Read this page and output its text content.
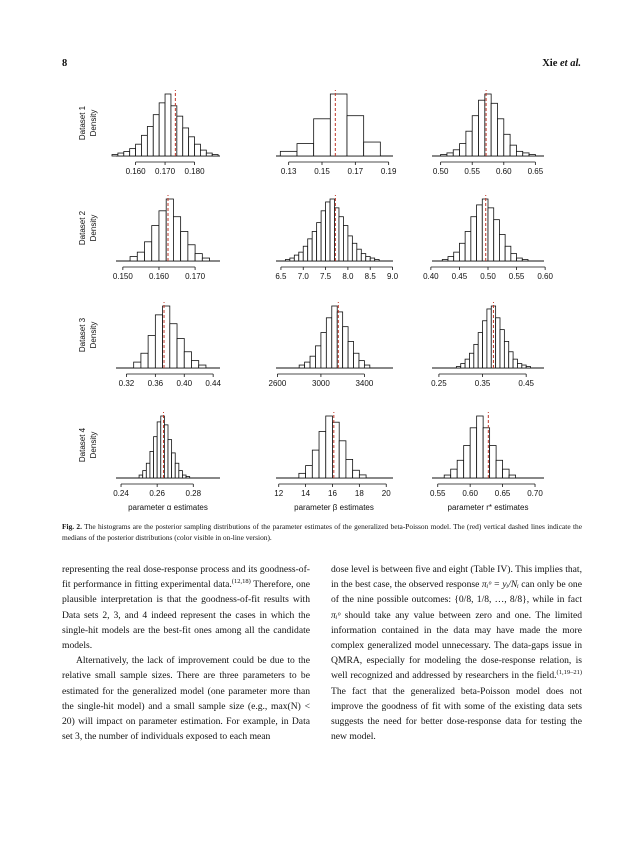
8	Xie et al.
0.160 0.170 0.180	0.13 0.15 0.17 0.19	0.50 0.55 0.60 0.65
0.150 0.160 0.170	6.5 7.0 7.5 8.0 8.5 9.0	0.40 0.45 0.50 0.55 0.60
0.32 0.36 0.40 0.44	2600	3000	3400	0.25	0.35	0.45
0.24	0.26	0.28	12 14 16 18 20	0.55 0.60 0.65 0.70
Dataset 1 Density
Dataset 2 Density
Dataset 3 Density
Dataset 4 Density
parameter α estimates	parameter β estimates	parameter r* estimates
Fig. 2. The histograms are the posterior sampling distributions of the parameter estimates of the generalized beta-Poisson model. The (red) vertical dashed lines indicate the medians of the posterior distributions (color visible in on-line version).

representing the real dose-response process and its goodness-of-fit performance in fitting experimental data.$^{(12,18)}$ Therefore, one plausible interpretation is that the goodness-of-fit results with Data sets 2, 3, and 4 indeed represent the cases in which the single-hit models are the best-fit ones among all the candidate models.

Alternatively, the lack of improvement could be due to the relative small sample sizes. There are three parameters to be estimated for the generalized model (one parameter more than the single-hit model) and a small sample size (e.g., max(N) < 20) will impact on parameter estimation. For example, in Data set 3, the number of individuals exposed to each mean

dose level is between five and eight (Table IV). This implies that, in the best case, the observed response πᵢᵒ = yᵢ/Nᵢ can only be one of the nine possible outcomes: {0/8, 1/8, …, 8/8}, while in fact πᵢᵒ should take any value between zero and one. The limited information contained in the data may have made the more complex generalized model unnecessary. The data-gaps issue in QMRA, especially for modeling the dose-response relation, is well recognized and addressed by researchers in the field.$^{(1,19-21)}$ The fact that the generalized beta-Poisson model does not improve the goodness of fit with some of the existing data sets suggests the need for better dose-response data for testing the new model.
